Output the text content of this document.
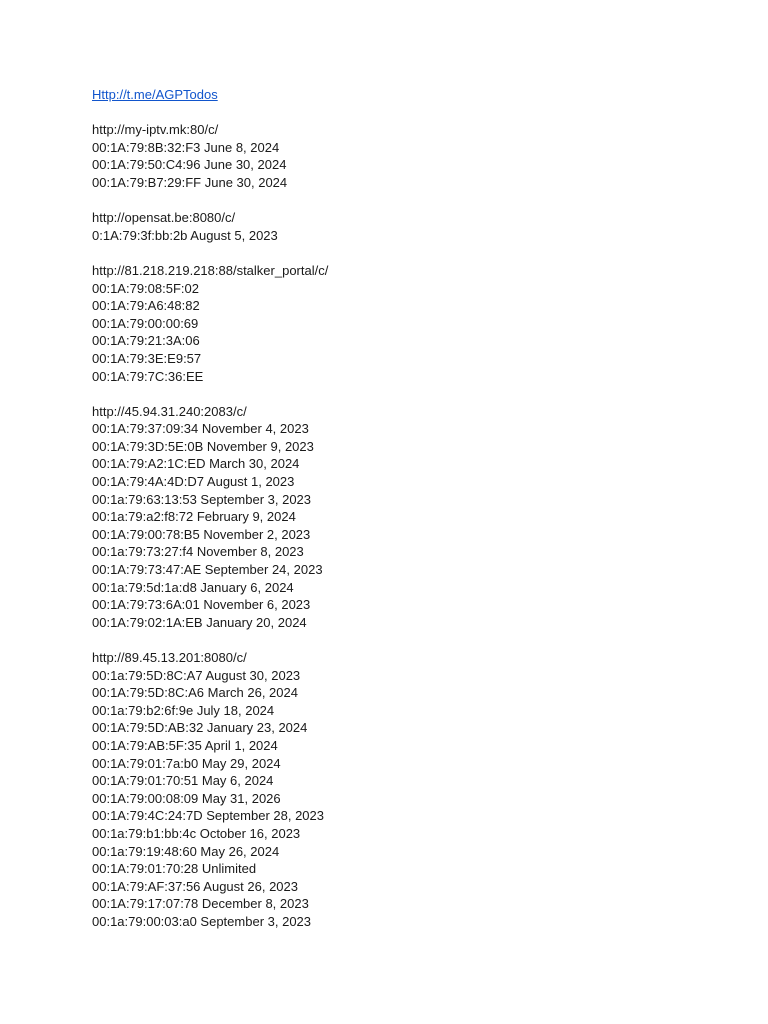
Http://t.me/AGPTodos
http://my-iptv.mk:80/c/
00:1A:79:8B:32:F3 June 8, 2024
00:1A:79:50:C4:96 June 30, 2024
00:1A:79:B7:29:FF June 30, 2024
http://opensat.be:8080/c/
0:1A:79:3f:bb:2b August 5, 2023
http://81.218.219.218:88/stalker_portal/c/
00:1A:79:08:5F:02
00:1A:79:A6:48:82
00:1A:79:00:00:69
00:1A:79:21:3A:06
00:1A:79:3E:E9:57
00:1A:79:7C:36:EE
http://45.94.31.240:2083/c/
00:1A:79:37:09:34 November 4, 2023
00:1A:79:3D:5E:0B November 9, 2023
00:1A:79:A2:1C:ED March 30, 2024
00:1A:79:4A:4D:D7 August 1, 2023
00:1a:79:63:13:53 September 3, 2023
00:1a:79:a2:f8:72 February 9, 2024
00:1A:79:00:78:B5 November 2, 2023
00:1a:79:73:27:f4 November 8, 2023
00:1A:79:73:47:AE September 24, 2023
00:1a:79:5d:1a:d8 January 6, 2024
00:1A:79:73:6A:01 November 6, 2023
00:1A:79:02:1A:EB January 20, 2024
http://89.45.13.201:8080/c/
00:1a:79:5D:8C:A7 August 30, 2023
00:1A:79:5D:8C:A6 March 26, 2024
00:1a:79:b2:6f:9e July 18, 2024
00:1A:79:5D:AB:32 January 23, 2024
00:1A:79:AB:5F:35 April 1, 2024
00:1A:79:01:7a:b0 May 29, 2024
00:1A:79:01:70:51 May 6, 2024
00:1A:79:00:08:09 May 31, 2026
00:1A:79:4C:24:7D September 28, 2023
00:1a:79:b1:bb:4c October 16, 2023
00:1a:79:19:48:60 May 26, 2024
00:1A:79:01:70:28 Unlimited
00:1A:79:AF:37:56 August 26, 2023
00:1A:79:17:07:78 December 8, 2023
00:1a:79:00:03:a0 September 3, 2023
